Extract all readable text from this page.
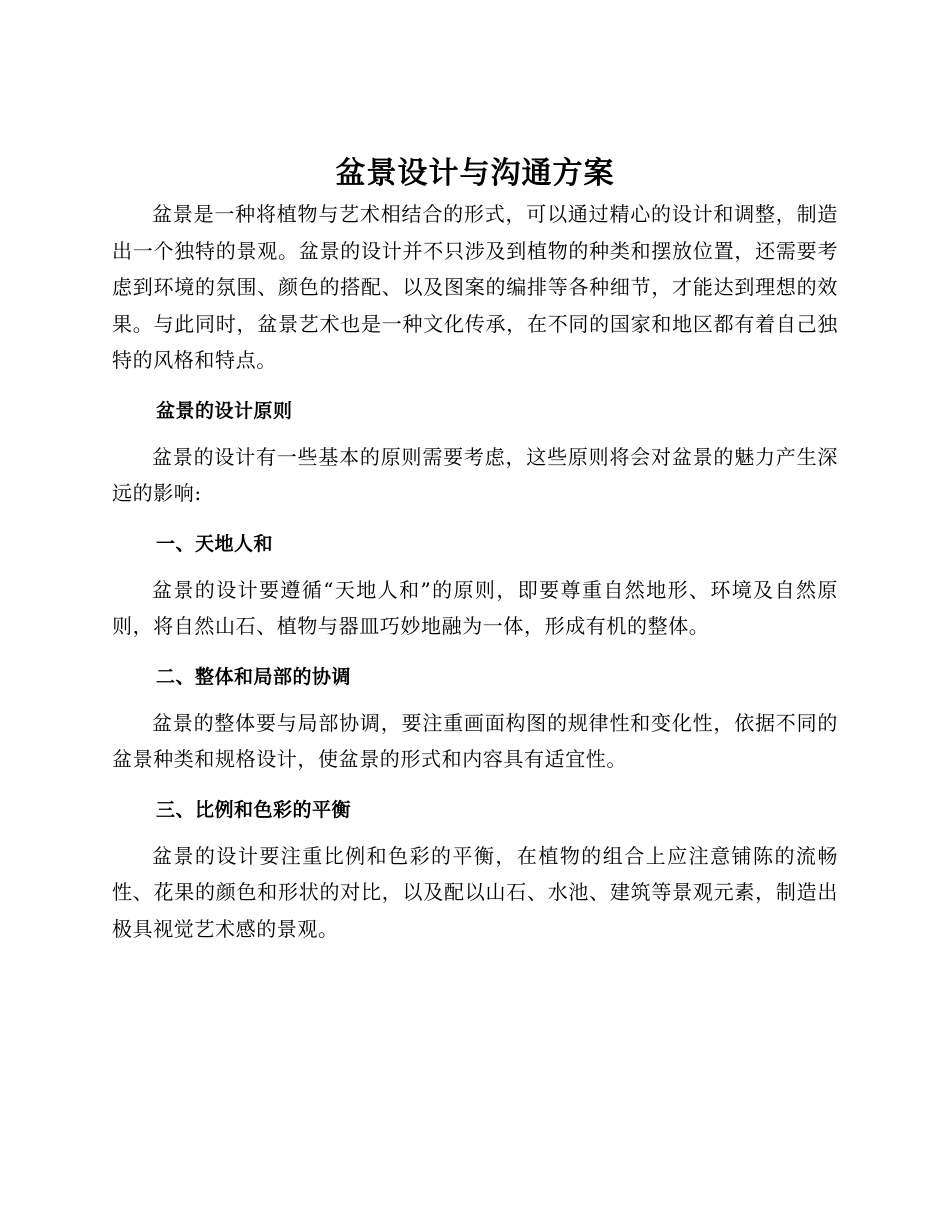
盆景设计与沟通方案

盆景是一种将植物与艺术相结合的形式，可以通过精心的设计和调整，制造出一个独特的景观。盆景的设计并不只涉及到植物的种类和摆放位置，还需要考虑到环境的氛围、颜色的搭配、以及图案的编排等各种细节，才能达到理想的效果。与此同时，盆景艺术也是一种文化传承，在不同的国家和地区都有着自己独特的风格和特点。

盆景的设计原则

盆景的设计有一些基本的原则需要考虑，这些原则将会对盆景的魅力产生深远的影响:

一、天地人和

盆景的设计要遵循“天地人和”的原则，即要尊重自然地形、环境及自然原则，将自然山石、植物与器皿巧妙地融为一体，形成有机的整体。

二、整体和局部的协调

盆景的整体要与局部协调，要注重画面构图的规律性和变化性，依据不同的盆景种类和规格设计，使盆景的形式和内容具有适宜性。

三、比例和色彩的平衡

盆景的设计要注重比例和色彩的平衡，在植物的组合上应注意铺陈的流畅性、花果的颜色和形状的对比，以及配以山石、水池、建筑等景观元素，制造出极具视觉艺术感的景观。
